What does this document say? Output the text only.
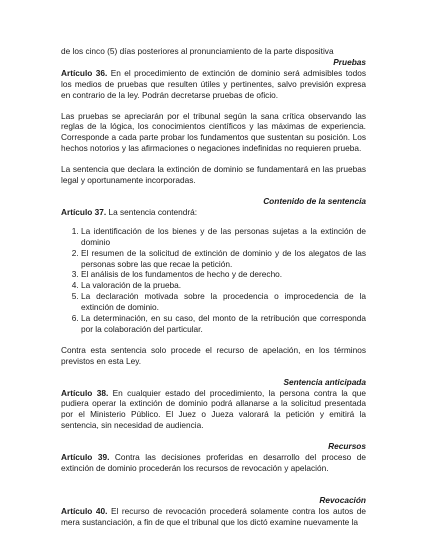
de los cinco (5) días posteriores al pronunciamiento de la parte dispositiva

Pruebas

Artículo 36. En el procedimiento de extinción de dominio será admisibles todos los medios de pruebas que resulten útiles y pertinentes, salvo previsión expresa en contrario de la ley. Podrán decretarse pruebas de oficio.

Las pruebas se apreciarán por el tribunal según la sana crítica observando las reglas de la lógica, los conocimientos científicos y las máximas de experiencia. Corresponde a cada parte probar los fundamentos que sustentan su posición. Los hechos notorios y las afirmaciones o negaciones indefinidas no requieren prueba.

La sentencia que declara la extinción de dominio se fundamentará en las pruebas legal y oportunamente incorporadas.

Contenido de la sentencia

Artículo 37. La sentencia contendrá:

1. La identificación de los bienes y de las personas sujetas a la extinción de dominio
2. El resumen de la solicitud de extinción de dominio y de los alegatos de las personas sobre las que recae la petición.
3. El análisis de los fundamentos de hecho y de derecho.
4. La valoración de la prueba.
5. La declaración motivada sobre la procedencia o improcedencia de la extinción de dominio.
6. La determinación, en su caso, del monto de la retribución que corresponda por la colaboración del particular.

Contra esta sentencia solo procede el recurso de apelación, en los términos previstos en esta Ley.

Sentencia anticipada

Artículo 38. En cualquier estado del procedimiento, la persona contra la que pudiera operar la extinción de dominio podrá allanarse a la solicitud presentada por el Ministerio Público. El Juez o Jueza valorará la petición y emitirá la sentencia, sin necesidad de audiencia.

Recursos

Artículo 39. Contra las decisiones proferidas en desarrollo del proceso de extinción de dominio procederán los recursos de revocación y apelación.

Revocación

Artículo 40. El recurso de revocación procederá solamente contra los autos de mera sustanciación, a fin de que el tribunal que los dictó examine nuevamente la
